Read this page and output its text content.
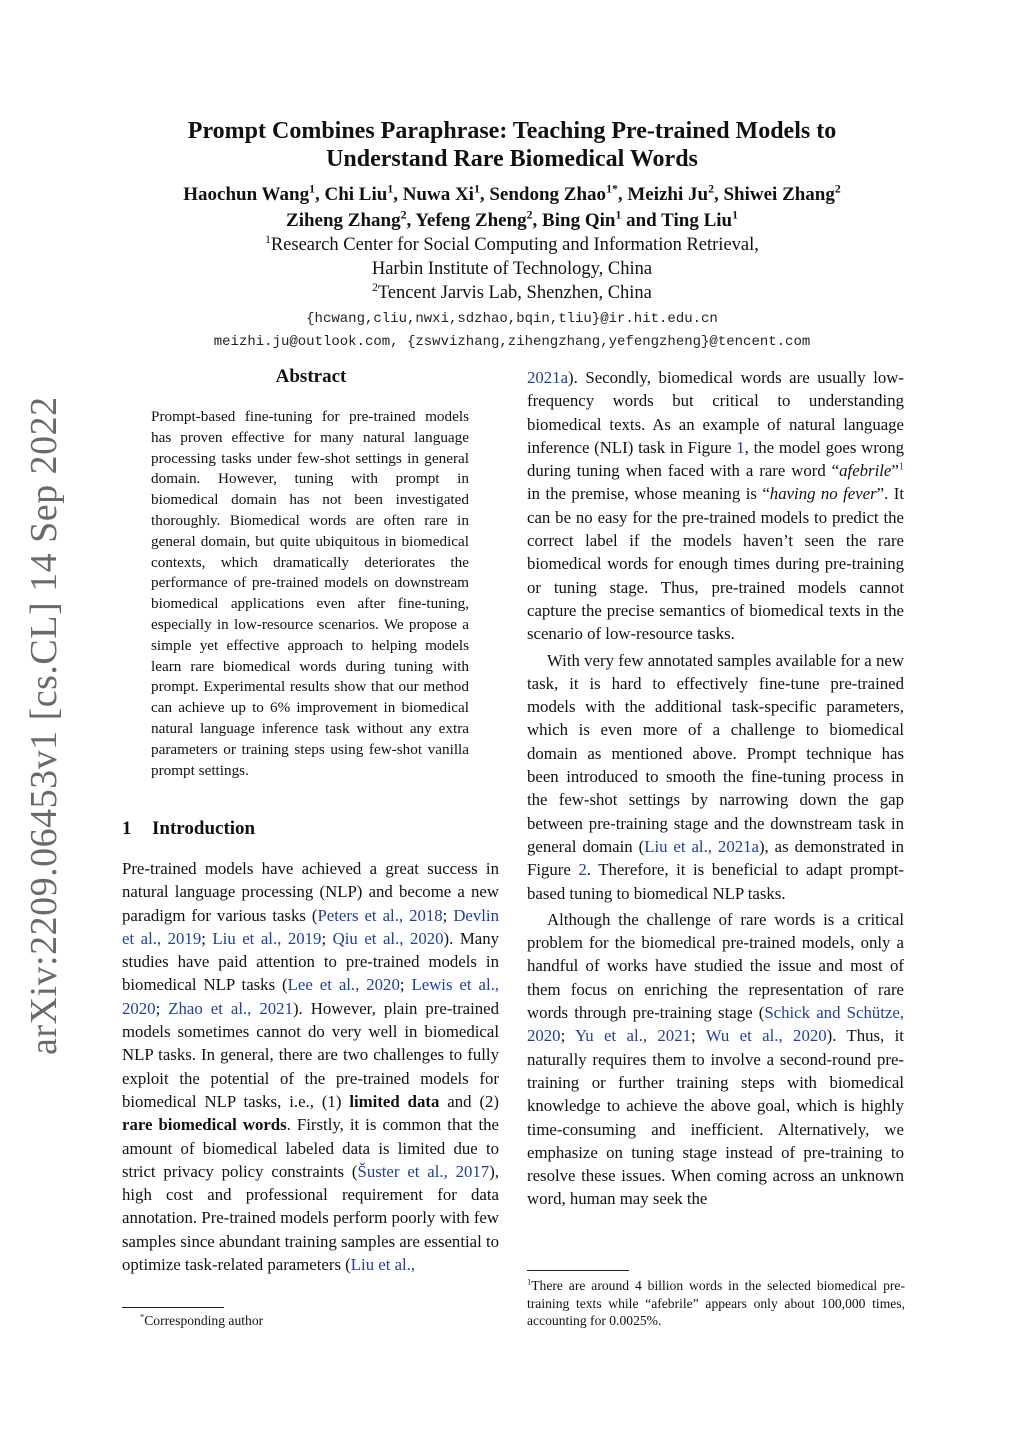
arXiv:2209.06453v1 [cs.CL] 14 Sep 2022
Prompt Combines Paraphrase: Teaching Pre-trained Models to
Understand Rare Biomedical Words
Haochun Wang$^1$, Chi Liu$^1$, Nuwa Xi$^1$, Sendong Zhao$^{1*}$, Meizhi Ju$^2$, Shiwei Zhang$^2$
Ziheng Zhang$^2$, Yefeng Zheng$^2$, Bing Qin$^1$ and Ting Liu$^1$
$^1$Research Center for Social Computing and Information Retrieval,
Harbin Institute of Technology, China
$^2$Tencent Jarvis Lab, Shenzhen, China
{hcwang,cliu,nwxi,sdzhao,bqin,tliu}@ir.hit.edu.cn
meizhi.ju@outlook.com, {zswvizhang,zihengzhang,yefengzheng}@tencent.com
Abstract
Prompt-based fine-tuning for pre-trained models has proven effective for many natural language processing tasks under few-shot settings in general domain. However, tuning with prompt in biomedical domain has not been investigated thoroughly. Biomedical words are often rare in general domain, but quite ubiquitous in biomedical contexts, which dramatically deteriorates the performance of pre-trained models on downstream biomedical applications even after fine-tuning, especially in low-resource scenarios. We propose a simple yet effective approach to helping models learn rare biomedical words during tuning with prompt. Experimental results show that our method can achieve up to 6% improvement in biomedical natural language inference task without any extra parameters or training steps using few-shot vanilla prompt settings.
1 Introduction

Pre-trained models have achieved a great success in natural language processing (NLP) and become a new paradigm for various tasks (Peters et al., 2018; Devlin et al., 2019; Liu et al., 2019; Qiu et al., 2020). Many studies have paid attention to pre-trained models in biomedical NLP tasks (Lee et al., 2020; Lewis et al., 2020; Zhao et al., 2021). However, plain pre-trained models sometimes cannot do very well in biomedical NLP tasks. In general, there are two challenges to fully exploit the potential of the pre-trained models for biomedical NLP tasks, i.e., (1) limited data and (2) rare biomedical words. Firstly, it is common that the amount of biomedical labeled data is limited due to strict privacy policy constraints (Šuster et al., 2017), high cost and professional requirement for data annotation. Pre-trained models perform poorly with few samples since abundant training samples are essential to optimize task-related parameters (Liu et al.,

*Corresponding author

2021a). Secondly, biomedical words are usually low-frequency words but critical to understanding biomedical texts. As an example of natural language inference (NLI) task in Figure 1, the model goes wrong during tuning when faced with a rare word “afebrile”$^1$ in the premise, whose meaning is “having no fever”. It can be no easy for the pre-trained models to predict the correct label if the models haven’t seen the rare biomedical words for enough times during pre-training or tuning stage. Thus, pre-trained models cannot capture the precise semantics of biomedical texts in the scenario of low-resource tasks.

With very few annotated samples available for a new task, it is hard to effectively fine-tune pre-trained models with the additional task-specific parameters, which is even more of a challenge to biomedical domain as mentioned above. Prompt technique has been introduced to smooth the fine-tuning process in the few-shot settings by narrowing down the gap between pre-training stage and the downstream task in general domain (Liu et al., 2021a), as demonstrated in Figure 2. Therefore, it is beneficial to adapt prompt-based tuning to biomedical NLP tasks.

Although the challenge of rare words is a critical problem for the biomedical pre-trained models, only a handful of works have studied the issue and most of them focus on enriching the representation of rare words through pre-training stage (Schick and Schütze, 2020; Yu et al., 2021; Wu et al., 2020). Thus, it naturally requires them to involve a second-round pre-training or further training steps with biomedical knowledge to achieve the above goal, which is highly time-consuming and inefficient. Alternatively, we emphasize on tuning stage instead of pre-training to resolve these issues. When coming across an unknown word, human may seek the

$^1$There are around 4 billion words in the selected biomedical pre-training texts while “afebrile” appears only about 100,000 times, accounting for 0.0025%.
